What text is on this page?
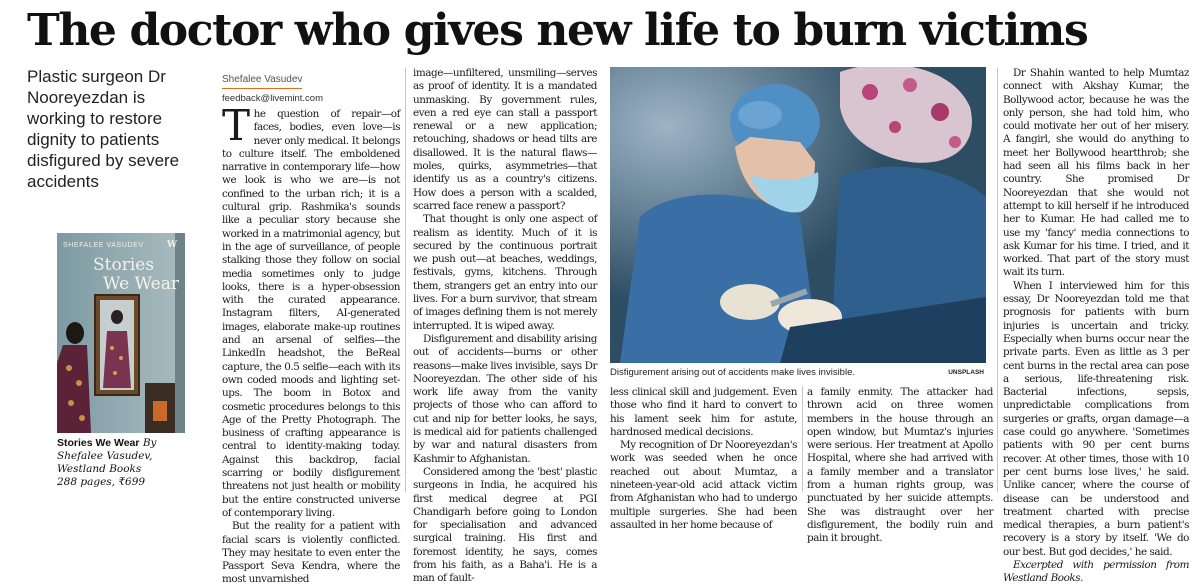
The doctor who gives new life to burn victims
Plastic surgeon Dr Nooreyezdan is working to restore dignity to patients disfigured by severe accidents
Shefalee Vasudev
feedback@livemint.com
SHEFALEE VASUDEV	W
Stories
We Wear
Stories We Wear By
Shefalee Vasudev,
Westland Books
288 pages, ₹699

The question of repair—of faces, bodies, even love—is never only medical. It belongs to culture itself. The emboldened narrative in contemporary life—how we look is who we are—is not confined to the urban rich; it is a cultural grip. Rashmika's sounds like a peculiar story because she worked in a matrimonial agency, but in the age of surveillance, of people stalking those they follow on social media sometimes only to judge looks, there is a hyper-obsession with the curated appearance. Instagram filters, AI-generated images, elaborate make-up routines and an arsenal of selfies—the LinkedIn headshot, the BeReal capture, the 0.5 selfie—each with its own coded moods and lighting set-ups. The boom in Botox and cosmetic procedures belongs to this Age of the Pretty Photograph. The business of crafting appearance is central to identity-making today. Against this backdrop, facial scarring or bodily disfigurement threatens not just health or mobility but the entire constructed universe of contemporary living.

But the reality for a patient with facial scars is violently conflicted. They may hesitate to even enter the Passport Seva Kendra, where the most unvarnished

image—unfiltered, unsmiling—serves as proof of identity. It is a mandated unmasking. By government rules, even a red eye can stall a passport renewal or a new application; retouching, shadows or head tilts are disallowed. It is the natural flaws—moles, quirks, asymmetries—that identify us as a country's citizens. How does a person with a scalded, scarred face renew a passport?

That thought is only one aspect of realism as identity. Much of it is secured by the continuous portrait we push out—at beaches, weddings, festivals, gyms, kitchens. Through them, strangers get an entry into our lives. For a burn survivor, that stream of images defining them is not merely interrupted. It is wiped away.

Disfigurement and disability arising out of accidents—burns or other reasons—make lives invisible, says Dr Nooreyezdan. The other side of his work life away from the vanity projects of those who can afford to cut and nip for better looks, he says, is medical aid for patients challenged by war and natural disasters from Kashmir to Afghanistan.

Considered among the 'best' plastic surgeons in India, he acquired his first medical degree at PGI Chandigarh before going to London for specialisation and advanced surgical training. His first and foremost identity, he says, comes from his faith, as a Baha'i. He is a man of fault-

Disfigurement arising out of accidents make lives invisible.	UNSPLASH

less clinical skill and judgement. Even those who find it hard to convert to his lament seek him for astute, hardnosed medical decisions.

My recognition of Dr Nooreyezdan's work was seeded when he once reached out about Mumtaz, a nineteen-year-old acid attack victim from Afghanistan who had to undergo multiple surgeries. She had been assaulted in her home because of

a family enmity. The attacker had thrown acid on three women members in the house through an open window, but Mumtaz's injuries were serious. Her treatment at Apollo Hospital, where she had arrived with a family member and a translator from a human rights group, was punctuated by her suicide attempts. She was distraught over her disfigurement, the bodily ruin and pain it brought.

Dr Shahin wanted to help Mumtaz connect with Akshay Kumar, the Bollywood actor, because he was the only person, she had told him, who could motivate her out of her misery. A fangirl, she would do anything to meet her Bollywood heartthrob; she had seen all his films back in her country. She promised Dr Nooreyezdan that she would not attempt to kill herself if he introduced her to Kumar. He had called me to use my 'fancy' media connections to ask Kumar for his time. I tried, and it worked. That part of the story must wait its turn.

When I interviewed him for this essay, Dr Nooreyezdan told me that prognosis for patients with burn injuries is uncertain and tricky. Especially when burns occur near the private parts. Even as little as 3 per cent burns in the rectal area can pose a serious, life-threatening risk. Bacterial infections, sepsis, unpredictable complications from surgeries or grafts, organ damage—a case could go anywhere. 'Sometimes patients with 90 per cent burns recover. At other times, those with 10 per cent burns lose lives,' he said. Unlike cancer, where the course of disease can be understood and treatment charted with precise medical therapies, a burn patient's recovery is a story by itself. 'We do our best. But god decides,' he said.

Excerpted with permission from Westland Books.
